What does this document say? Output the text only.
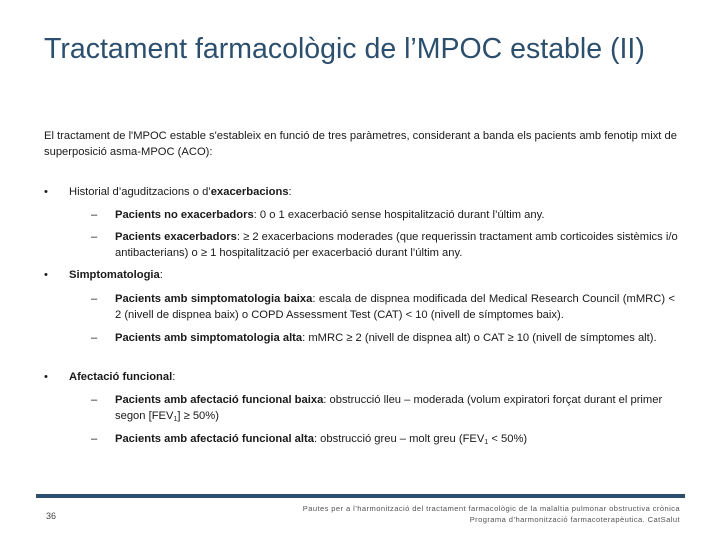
Tractament farmacològic de l’MPOC estable (II)
El tractament de l'MPOC estable s'estableix en funció de tres paràmetres, considerant a banda els pacients amb fenotip mixt de superposició asma-MPOC (ACO):
•	Historial d’aguditzacions o d’exacerbacions:
– Pacients no exacerbadors: 0 o 1 exacerbació sense hospitalització durant l’últim any.
– Pacients exacerbadors: ≥ 2 exacerbacions moderades (que requerissin tractament amb corticoides sistèmics i/o antibacterians) o ≥ 1 hospitalització per exacerbació durant l’últim any.
•	Simptomatologia:
– Pacients amb simptomatologia baixa: escala de dispnea modificada del Medical Research Council (mMRC) < 2 (nivell de dispnea baix) o COPD Assessment Test (CAT) < 10 (nivell de símptomes baix).
– Pacients amb simptomatologia alta: mMRC ≥ 2 (nivell de dispnea alt) o CAT ≥ 10 (nivell de símptomes alt).
•	Afectació funcional:
– Pacients amb afectació funcional baixa: obstrucció lleu – moderada (volum expiratori forçat durant el primer segon $[FEV_1] \ge 50\%$)
– Pacients amb afectació funcional alta: obstrucció greu – molt greu $(FEV_1 < 50\%)$
36
Pautes per a l’harmonització del tractament farmacològic de la malaltia pulmonar obstructiva crònica
Programa d’harmonització farmacoterapèutica. CatSalut
